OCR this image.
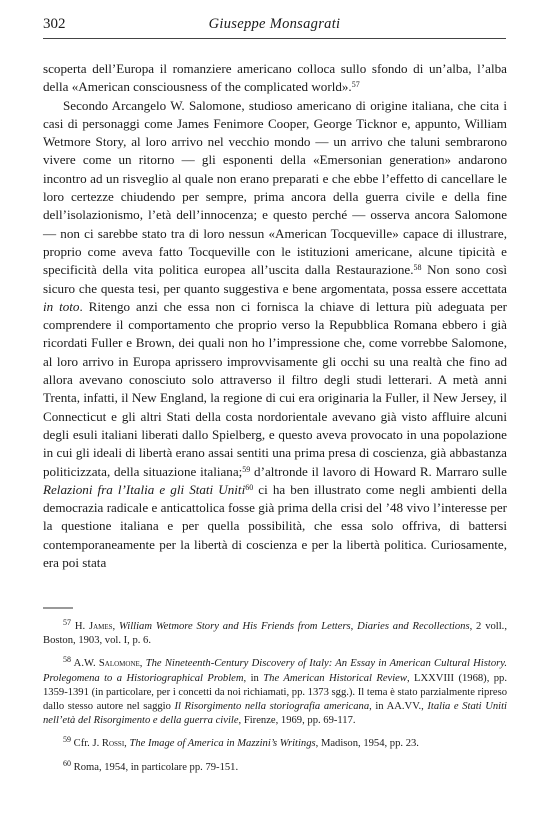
302	Giuseppe Monsagrati

scoperta dell’Europa il romanziere americano colloca sullo sfondo di un’alba, l’alba della «American consciousness of the complicated world».$^{57}$

Secondo Arcangelo W. Salomone, studioso americano di origine italiana, che cita i casi di personaggi come James Fenimore Cooper, George Ticknor e, appunto, William Wetmore Story, al loro arrivo nel vecchio mondo — un arrivo che taluni sembrarono vivere come un ritorno — gli esponenti della «Emersonian generation» andarono incontro ad un risveglio al quale non erano preparati e che ebbe l’effetto di cancellare le loro certezze chiudendo per sempre, prima ancora della guerra civile e della fine dell’isolazionismo, l’età dell’innocenza; e questo perché — osserva ancora Salomone — non ci sarebbe stato tra di loro nessun «American Tocqueville» capace di illustrare, proprio come aveva fatto Tocqueville con le istituzioni americane, alcune tipicità e specificità della vita politica europea all’uscita dalla Restaurazione.$^{58}$ Non sono così sicuro che questa tesi, per quanto suggestiva e bene argomentata, possa essere accettata in toto. Ritengo anzi che essa non ci fornisca la chiave di lettura più adeguata per comprendere il comportamento che proprio verso la Repubblica Romana ebbero i già ricordati Fuller e Brown, dei quali non ho l’impressione che, come vorrebbe Salomone, al loro arrivo in Europa aprissero improvvisamente gli occhi su una realtà che fino ad allora avevano conosciuto solo attraverso il filtro degli studi letterari. A metà anni Trenta, infatti, il New England, la regione di cui era originaria la Fuller, il New Jersey, il Connecticut e gli altri Stati della costa nordorientale avevano già visto affluire alcuni degli esuli italiani liberati dallo Spielberg, e questo aveva provocato in una popolazione in cui gli ideali di libertà erano assai sentiti una prima presa di coscienza, già abbastanza politicizzata, della situazione italiana;$^{59}$ d’altronde il lavoro di Howard R. Marraro sulle Relazioni fra l’Italia e gli Stati Uniti$^{60}$ ci ha ben illustrato come negli ambienti della democrazia radicale e anticattolica fosse già prima della crisi del ’48 vivo l’interesse per la questione italiana e per quella possibilità, che essa solo offriva, di battersi contemporaneamente per la libertà di coscienza e per la libertà politica. Curiosamente, era poi stata

$^{57}$ H. James, William Wetmore Story and His Friends from Letters, Diaries and Recollections, 2 voll., Boston, 1903, vol. I, p. 6.

$^{58}$ A.W. Salomone, The Nineteenth-Century Discovery of Italy: An Essay in American Cultural History. Prolegomena to a Historiographical Problem, in The American Historical Review, LXXVIII (1968), pp. 1359-1391 (in particolare, per i concetti da noi richiamati, pp. 1373 sgg.). Il tema è stato parzialmente ripreso dallo stesso autore nel saggio Il Risorgimento nella storiografia americana, in AA.VV., Italia e Stati Uniti nell’età del Risorgimento e della guerra civile, Firenze, 1969, pp. 69-117.

$^{59}$ Cfr. J. Rossi, The Image of America in Mazzini’s Writings, Madison, 1954, pp. 23.

$^{60}$ Roma, 1954, in particolare pp. 79-151.
